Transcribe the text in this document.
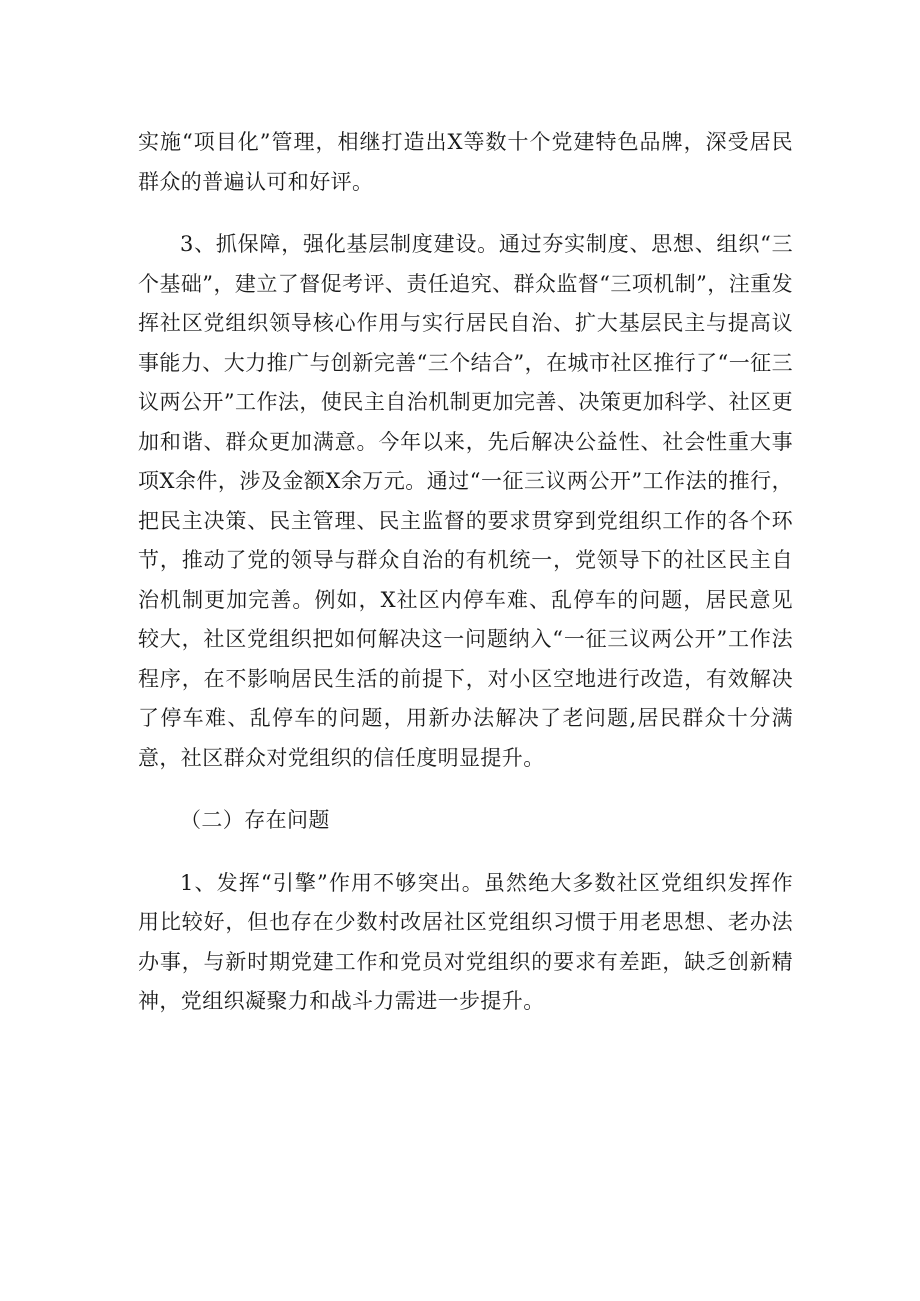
实施“项目化”管理，相继打造出X等数十个党建特色品牌，深受居民群众的普遍认可和好评。

3、抓保障，强化基层制度建设。通过夯实制度、思想、组织“三个基础”，建立了督促考评、责任追究、群众监督“三项机制”，注重发挥社区党组织领导核心作用与实行居民自治、扩大基层民主与提高议事能力、大力推广与创新完善“三个结合”，在城市社区推行了“一征三议两公开”工作法，使民主自治机制更加完善、决策更加科学、社区更加和谐、群众更加满意。今年以来，先后解决公益性、社会性重大事项X余件，涉及金额X余万元。通过“一征三议两公开”工作法的推行，把民主决策、民主管理、民主监督的要求贯穿到党组织工作的各个环节，推动了党的领导与群众自治的有机统一，党领导下的社区民主自治机制更加完善。例如，X社区内停车难、乱停车的问题，居民意见较大，社区党组织把如何解决这一问题纳入“一征三议两公开”工作法程序，在不影响居民生活的前提下，对小区空地进行改造，有效解决了停车难、乱停车的问题，用新办法解决了老问题,居民群众十分满意，社区群众对党组织的信任度明显提升。

（二）存在问题

1、发挥“引擎”作用不够突出。虽然绝大多数社区党组织发挥作用比较好，但也存在少数村改居社区党组织习惯于用老思想、老办法办事，与新时期党建工作和党员对党组织的要求有差距，缺乏创新精神，党组织凝聚力和战斗力需进一步提升。
